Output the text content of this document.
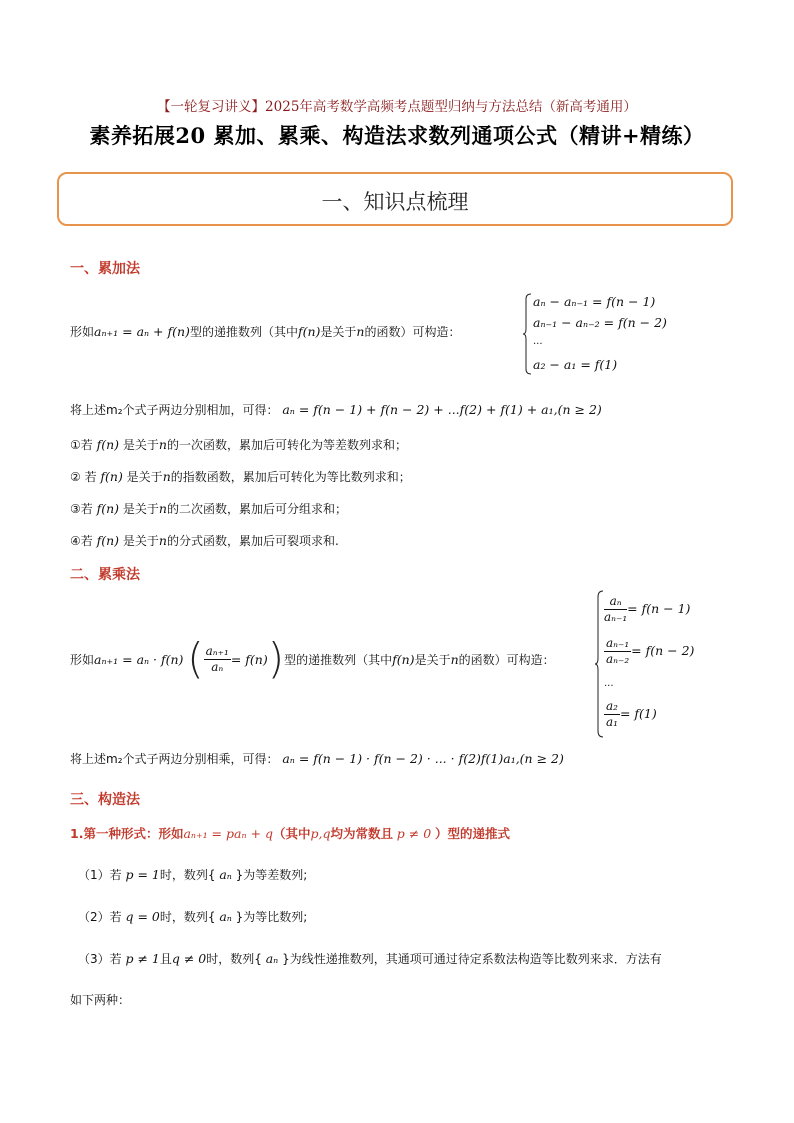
【一轮复习讲义】2025年高考数学高频考点题型归纳与方法总结（新高考通用）
素养拓展20 累加、累乘、构造法求数列通项公式（精讲+精练）
一、知识点梳理
一、累加法
形如aₙ₊₁ = aₙ + f(n)型的递推数列（其中f(n)是关于n的函数）可构造：
aₙ − aₙ₋₁ = f(n − 1)
aₙ₋₁ − aₙ₋₂ = f(n − 2)
...
a₂ − a₁ = f(1)
将上述m₂个式子两边分别相加，可得： aₙ = f(n − 1) + f(n − 2) + ...f(2) + f(1) + a₁,(n ≥ 2)
①若 f(n) 是关于n的一次函数，累加后可转化为等差数列求和；
② 若 f(n) 是关于n的指数函数，累加后可转化为等比数列求和；
③若 f(n) 是关于n的二次函数，累加后可分组求和；
④若 f(n) 是关于n的分式函数，累加后可裂项求和.
二、累乘法
形如 aₙ₊₁ = aₙ · f(n)
( $\frac{\text{aₙ₊₁}}{\text{aₙ}} = f(n)$ ) 型的递推数列（其中 f(n) 是关于 n 的函数）可构造：
$\frac{\text{aₙ}}{\text{aₙ₋₁}} = f(n - 1)$
$\frac{\text{aₙ₋₁}}{\text{aₙ₋₂}} = f(n - 2)$
...
$\frac{\text{a₂}}{\text{a₁}} = f(1)$
将上述m₂个式子两边分别相乘，可得： aₙ = f(n − 1) · f(n − 2) · ... · f(2)f(1)a₁,(n ≥ 2)
三、构造法
1.第一种形式：形如aₙ₊₁ = paₙ + q（其中p,q均为常数且 p ≠ 0 ）型的递推式
（1）若 p = 1时，数列{ aₙ }为等差数列;
（2）若 q = 0时，数列{ aₙ }为等比数列;
（3）若 p ≠ 1且q ≠ 0时，数列{ aₙ }为线性递推数列，其通项可通过待定系数法构造等比数列来求．方法有
如下两种：
